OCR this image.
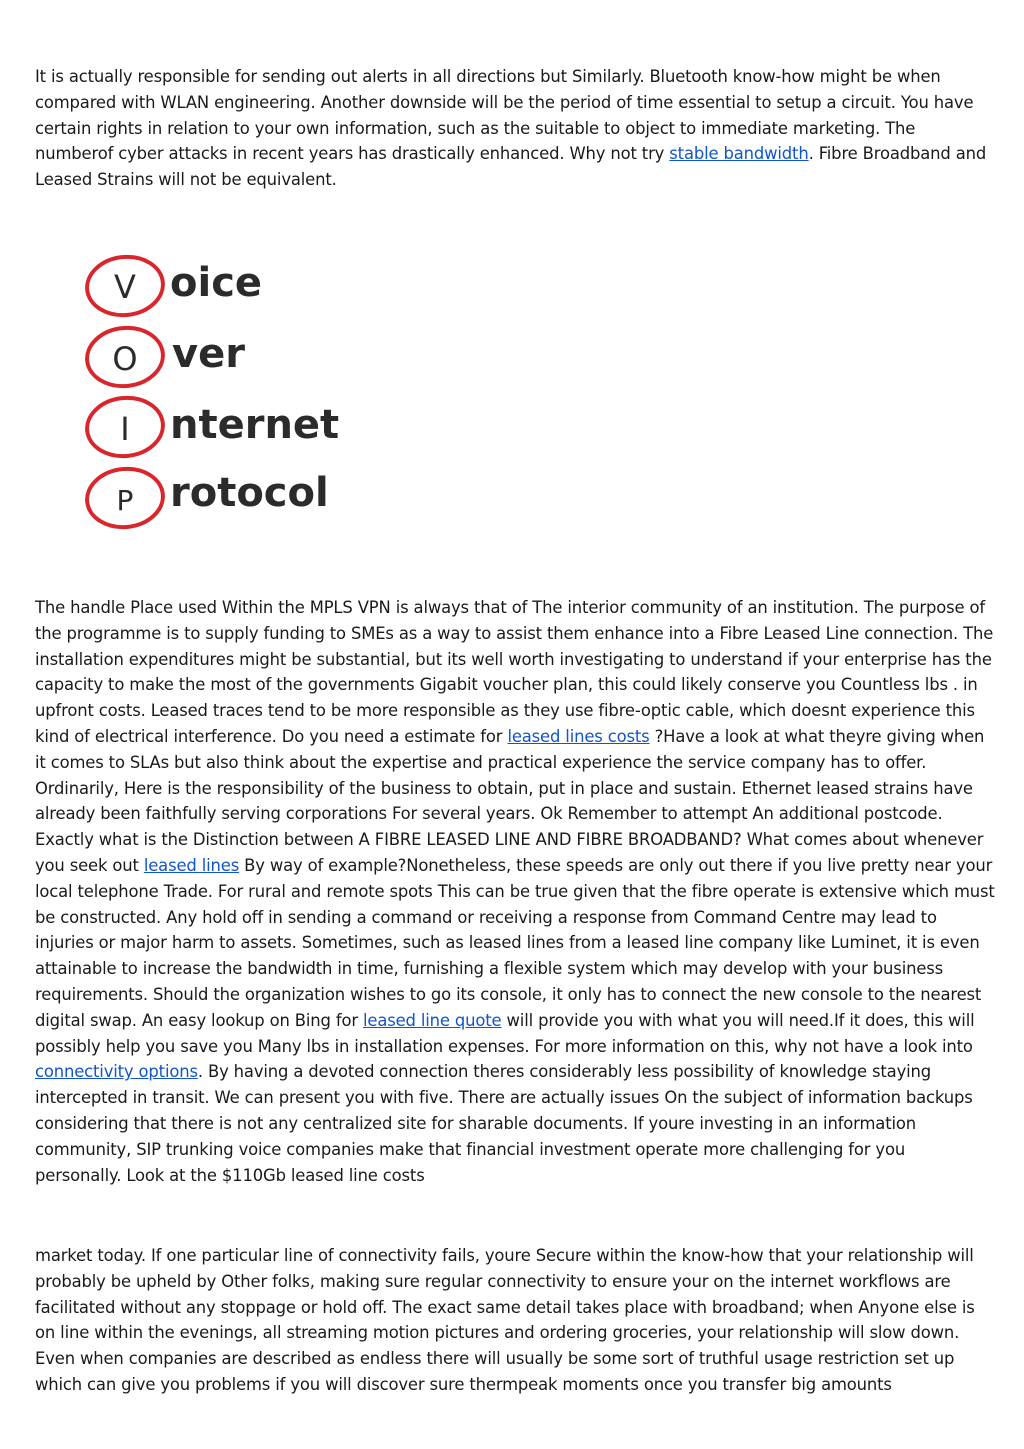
It is actually responsible for sending out alerts in all directions but Similarly. Bluetooth know-how might be when compared with WLAN engineering. Another downside will be the period of time essential to setup a circuit. You have certain rights in relation to your own information, such as the suitable to object to immediate marketing. The numberof cyber attacks in recent years has drastically enhanced. Why not try stable bandwidth. Fibre Broadband and Leased Strains will not be equivalent.

V oice
O ver
I nternet
P rotocol

The handle Place used Within the MPLS VPN is always that of The interior community of an institution. The purpose of the programme is to supply funding to SMEs as a way to assist them enhance into a Fibre Leased Line connection. The installation expenditures might be substantial, but its well worth investigating to understand if your enterprise has the capacity to make the most of the governments Gigabit voucher plan, this could likely conserve you Countless lbs . in upfront costs. Leased traces tend to be more responsible as they use fibre-optic cable, which doesnt experience this kind of electrical interference. Do you need a estimate for leased lines costs ?Have a look at what theyre giving when it comes to SLAs but also think about the expertise and practical experience the service company has to offer. Ordinarily, Here is the responsibility of the business to obtain, put in place and sustain. Ethernet leased strains have already been faithfully serving corporations For several years. Ok Remember to attempt An additional postcode. Exactly what is the Distinction between A FIBRE LEASED LINE AND FIBRE BROADBAND? What comes about whenever you seek out leased lines By way of example?Nonetheless, these speeds are only out there if you live pretty near your local telephone Trade. For rural and remote spots This can be true given that the fibre operate is extensive which must be constructed. Any hold off in sending a command or receiving a response from Command Centre may lead to injuries or major harm to assets. Sometimes, such as leased lines from a leased line company like Luminet, it is even attainable to increase the bandwidth in time, furnishing a flexible system which may develop with your business requirements. Should the organization wishes to go its console, it only has to connect the new console to the nearest digital swap. An easy lookup on Bing for leased line quote will provide you with what you will need.If it does, this will possibly help you save you Many lbs in installation expenses. For more information on this, why not have a look into connectivity options. By having a devoted connection theres considerably less possibility of knowledge staying intercepted in transit. We can present you with five. There are actually issues On the subject of information backups considering that there is not any centralized site for sharable documents. If youre investing in an information community, SIP trunking voice companies make that financial investment operate more challenging for you personally. Look at the $110Gb leased line costs

market today. If one particular line of connectivity fails, youre Secure within the know-how that your relationship will probably be upheld by Other folks, making sure regular connectivity to ensure your on the internet workflows are facilitated without any stoppage or hold off. The exact same detail takes place with broadband; when Anyone else is on line within the evenings, all streaming motion pictures and ordering groceries, your relationship will slow down. Even when companies are described as endless there will usually be some sort of truthful usage restriction set up which can give you problems if you will discover sure thermpeak moments once you transfer big amounts
